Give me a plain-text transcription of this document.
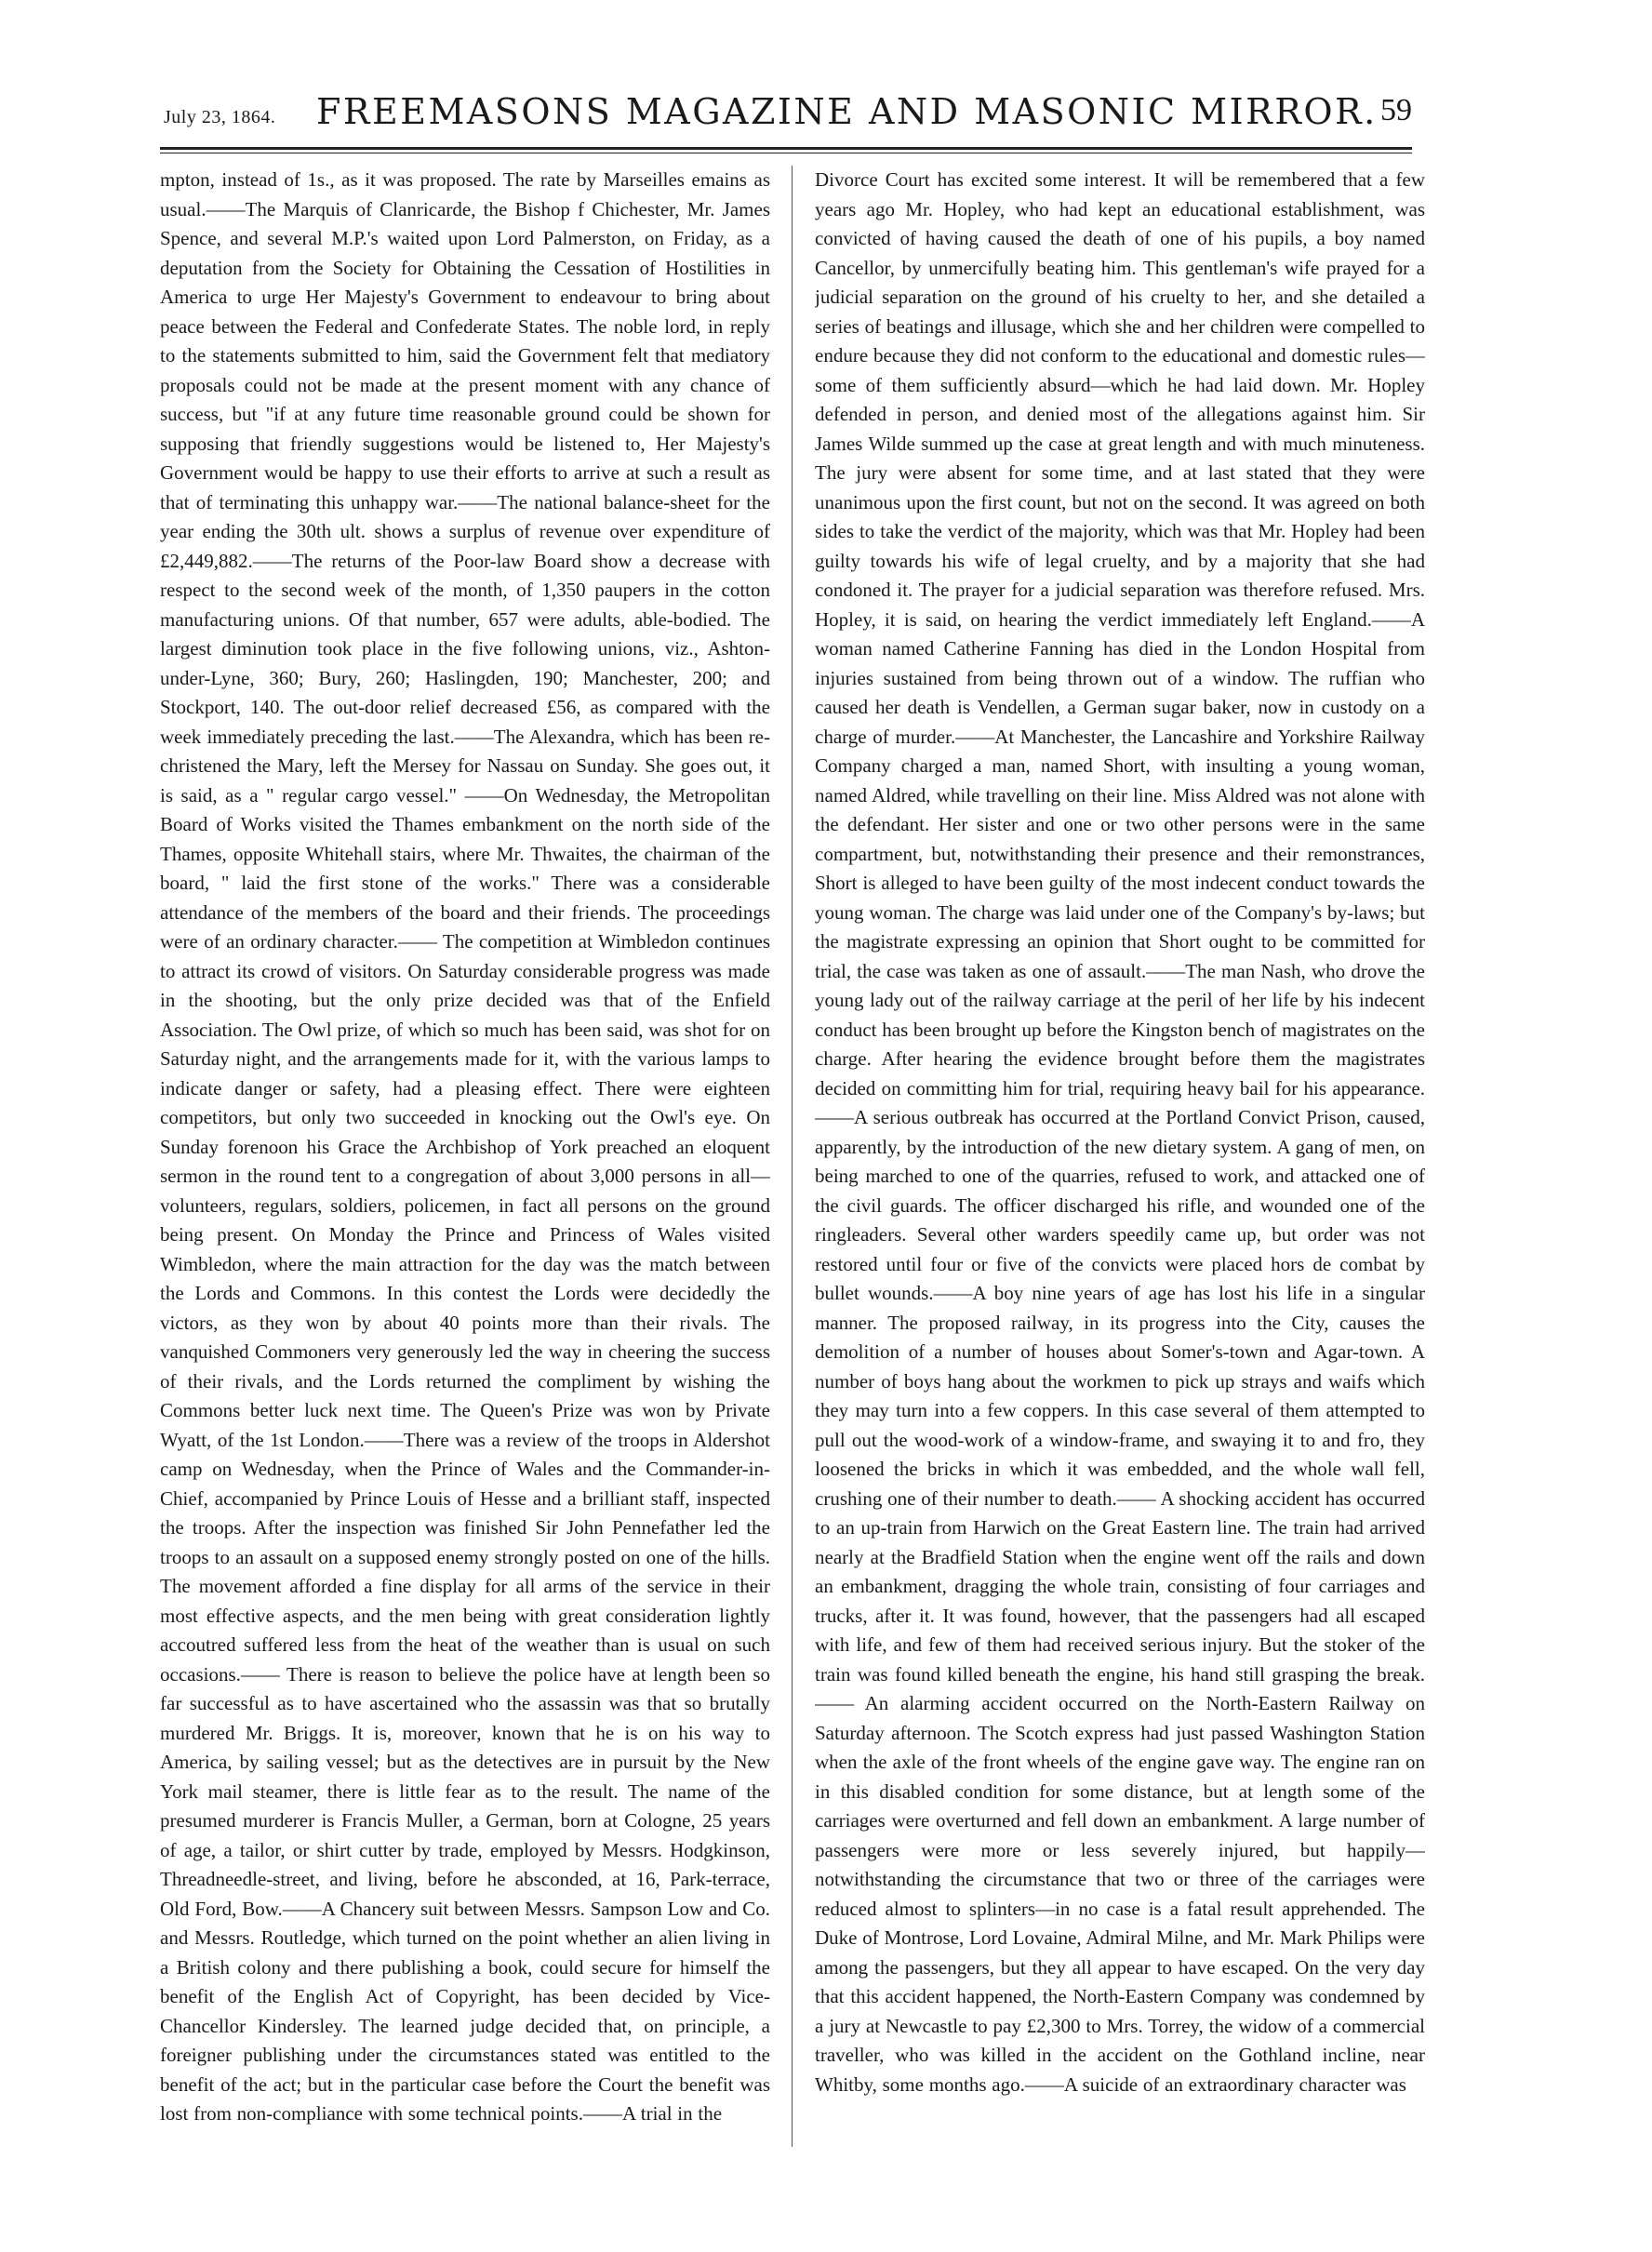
July 23, 1864. FREEMASONS MAGAZINE AND MASONIC MIRROR. 59

mpton, instead of 1s., as it was proposed. The rate by Marseilles emains as usual.——The Marquis of Clanricarde, the Bishop f Chichester, Mr. James Spence, and several M.P.'s waited upon Lord Palmerston, on Friday, as a deputation from the Society for Obtaining the Cessation of Hostilities in America to urge Her Majesty's Government to endeavour to bring about peace between the Federal and Confederate States. The noble lord, in reply to the statements submitted to him, said the Government felt that mediatory proposals could not be made at the present moment with any chance of success, but "if at any future time reasonable ground could be shown for supposing that friendly suggestions would be listened to, Her Majesty's Government would be happy to use their efforts to arrive at such a result as that of terminating this unhappy war.——The national balance-sheet for the year ending the 30th ult. shows a surplus of revenue over expenditure of £2,449,882.——The returns of the Poor-law Board show a decrease with respect to the second week of the month, of 1,350 paupers in the cotton manufacturing unions. Of that number, 657 were adults, able-bodied. The largest diminution took place in the five following unions, viz., Ashton-under-Lyne, 360; Bury, 260; Haslingden, 190; Manchester, 200; and Stockport, 140. The out-door relief decreased £56, as compared with the week immediately preceding the last.——The Alexandra, which has been re-christened the Mary, left the Mersey for Nassau on Sunday. She goes out, it is said, as a " regular cargo vessel." ——On Wednesday, the Metropolitan Board of Works visited the Thames embankment on the north side of the Thames, opposite Whitehall stairs, where Mr. Thwaites, the chairman of the board, " laid the first stone of the works." There was a considerable attendance of the members of the board and their friends. The proceedings were of an ordinary character.—— The competition at Wimbledon continues to attract its crowd of visitors. On Saturday considerable progress was made in the shooting, but the only prize decided was that of the Enfield Association. The Owl prize, of which so much has been said, was shot for on Saturday night, and the arrangements made for it, with the various lamps to indicate danger or safety, had a pleasing effect. There were eighteen competitors, but only two succeeded in knocking out the Owl's eye. On Sunday forenoon his Grace the Archbishop of York preached an eloquent sermon in the round tent to a congregation of about 3,000 persons in all—volunteers, regulars, soldiers, policemen, in fact all persons on the ground being present. On Monday the Prince and Princess of Wales visited Wimbledon, where the main attraction for the day was the match between the Lords and Commons. In this contest the Lords were decidedly the victors, as they won by about 40 points more than their rivals. The vanquished Commoners very generously led the way in cheering the success of their rivals, and the Lords returned the compliment by wishing the Commons better luck next time. The Queen's Prize was won by Private Wyatt, of the 1st London.——There was a review of the troops in Aldershot camp on Wednesday, when the Prince of Wales and the Commander-in-Chief, accompanied by Prince Louis of Hesse and a brilliant staff, inspected the troops. After the inspection was finished Sir John Pennefather led the troops to an assault on a supposed enemy strongly posted on one of the hills. The movement afforded a fine display for all arms of the service in their most effective aspects, and the men being with great consideration lightly accoutred suffered less from the heat of the weather than is usual on such occasions.—— There is reason to believe the police have at length been so far successful as to have ascertained who the assassin was that so brutally murdered Mr. Briggs. It is, moreover, known that he is on his way to America, by sailing vessel; but as the detectives are in pursuit by the New York mail steamer, there is little fear as to the result. The name of the presumed murderer is Francis Muller, a German, born at Cologne, 25 years of age, a tailor, or shirt cutter by trade, employed by Messrs. Hodgkinson, Threadneedle-street, and living, before he absconded, at 16, Park-terrace, Old Ford, Bow.——A Chancery suit between Messrs. Sampson Low and Co. and Messrs. Routledge, which turned on the point whether an alien living in a British colony and there publishing a book, could secure for himself the benefit of the English Act of Copyright, has been decided by Vice-Chancellor Kindersley. The learned judge decided that, on principle, a foreigner publishing under the circumstances stated was entitled to the benefit of the act; but in the particular case before the Court the benefit was lost from non-compliance with some technical points.——A trial in the

Divorce Court has excited some interest. It will be remembered that a few years ago Mr. Hopley, who had kept an educational establishment, was convicted of having caused the death of one of his pupils, a boy named Cancellor, by unmercifully beating him. This gentleman's wife prayed for a judicial separation on the ground of his cruelty to her, and she detailed a series of beatings and illusage, which she and her children were compelled to endure because they did not conform to the educational and domestic rules—some of them sufficiently absurd—which he had laid down. Mr. Hopley defended in person, and denied most of the allegations against him. Sir James Wilde summed up the case at great length and with much minuteness. The jury were absent for some time, and at last stated that they were unanimous upon the first count, but not on the second. It was agreed on both sides to take the verdict of the majority, which was that Mr. Hopley had been guilty towards his wife of legal cruelty, and by a majority that she had condoned it. The prayer for a judicial separation was therefore refused. Mrs. Hopley, it is said, on hearing the verdict immediately left England.——A woman named Catherine Fanning has died in the London Hospital from injuries sustained from being thrown out of a window. The ruffian who caused her death is Vendellen, a German sugar baker, now in custody on a charge of murder.——At Manchester, the Lancashire and Yorkshire Railway Company charged a man, named Short, with insulting a young woman, named Aldred, while travelling on their line. Miss Aldred was not alone with the defendant. Her sister and one or two other persons were in the same compartment, but, notwithstanding their presence and their remonstrances, Short is alleged to have been guilty of the most indecent conduct towards the young woman. The charge was laid under one of the Company's by-laws; but the magistrate expressing an opinion that Short ought to be committed for trial, the case was taken as one of assault.——The man Nash, who drove the young lady out of the railway carriage at the peril of her life by his indecent conduct has been brought up before the Kingston bench of magistrates on the charge. After hearing the evidence brought before them the magistrates decided on committing him for trial, requiring heavy bail for his appearance.——A serious outbreak has occurred at the Portland Convict Prison, caused, apparently, by the introduction of the new dietary system. A gang of men, on being marched to one of the quarries, refused to work, and attacked one of the civil guards. The officer discharged his rifle, and wounded one of the ringleaders. Several other warders speedily came up, but order was not restored until four or five of the convicts were placed hors de combat by bullet wounds.——A boy nine years of age has lost his life in a singular manner. The proposed railway, in its progress into the City, causes the demolition of a number of houses about Somer's-town and Agar-town. A number of boys hang about the workmen to pick up strays and waifs which they may turn into a few coppers. In this case several of them attempted to pull out the wood-work of a window-frame, and swaying it to and fro, they loosened the bricks in which it was embedded, and the whole wall fell, crushing one of their number to death.—— A shocking accident has occurred to an up-train from Harwich on the Great Eastern line. The train had arrived nearly at the Bradfield Station when the engine went off the rails and down an embankment, dragging the whole train, consisting of four carriages and trucks, after it. It was found, however, that the passengers had all escaped with life, and few of them had received serious injury. But the stoker of the train was found killed beneath the engine, his hand still grasping the break.—— An alarming accident occurred on the North-Eastern Railway on Saturday afternoon. The Scotch express had just passed Washington Station when the axle of the front wheels of the engine gave way. The engine ran on in this disabled condition for some distance, but at length some of the carriages were overturned and fell down an embankment. A large number of passengers were more or less severely injured, but happily— notwithstanding the circumstance that two or three of the carriages were reduced almost to splinters—in no case is a fatal result apprehended. The Duke of Montrose, Lord Lovaine, Admiral Milne, and Mr. Mark Philips were among the passengers, but they all appear to have escaped. On the very day that this accident happened, the North-Eastern Company was condemned by a jury at Newcastle to pay £2,300 to Mrs. Torrey, the widow of a commercial traveller, who was killed in the accident on the Gothland incline, near Whitby, some months ago.——A suicide of an extraordinary character was
